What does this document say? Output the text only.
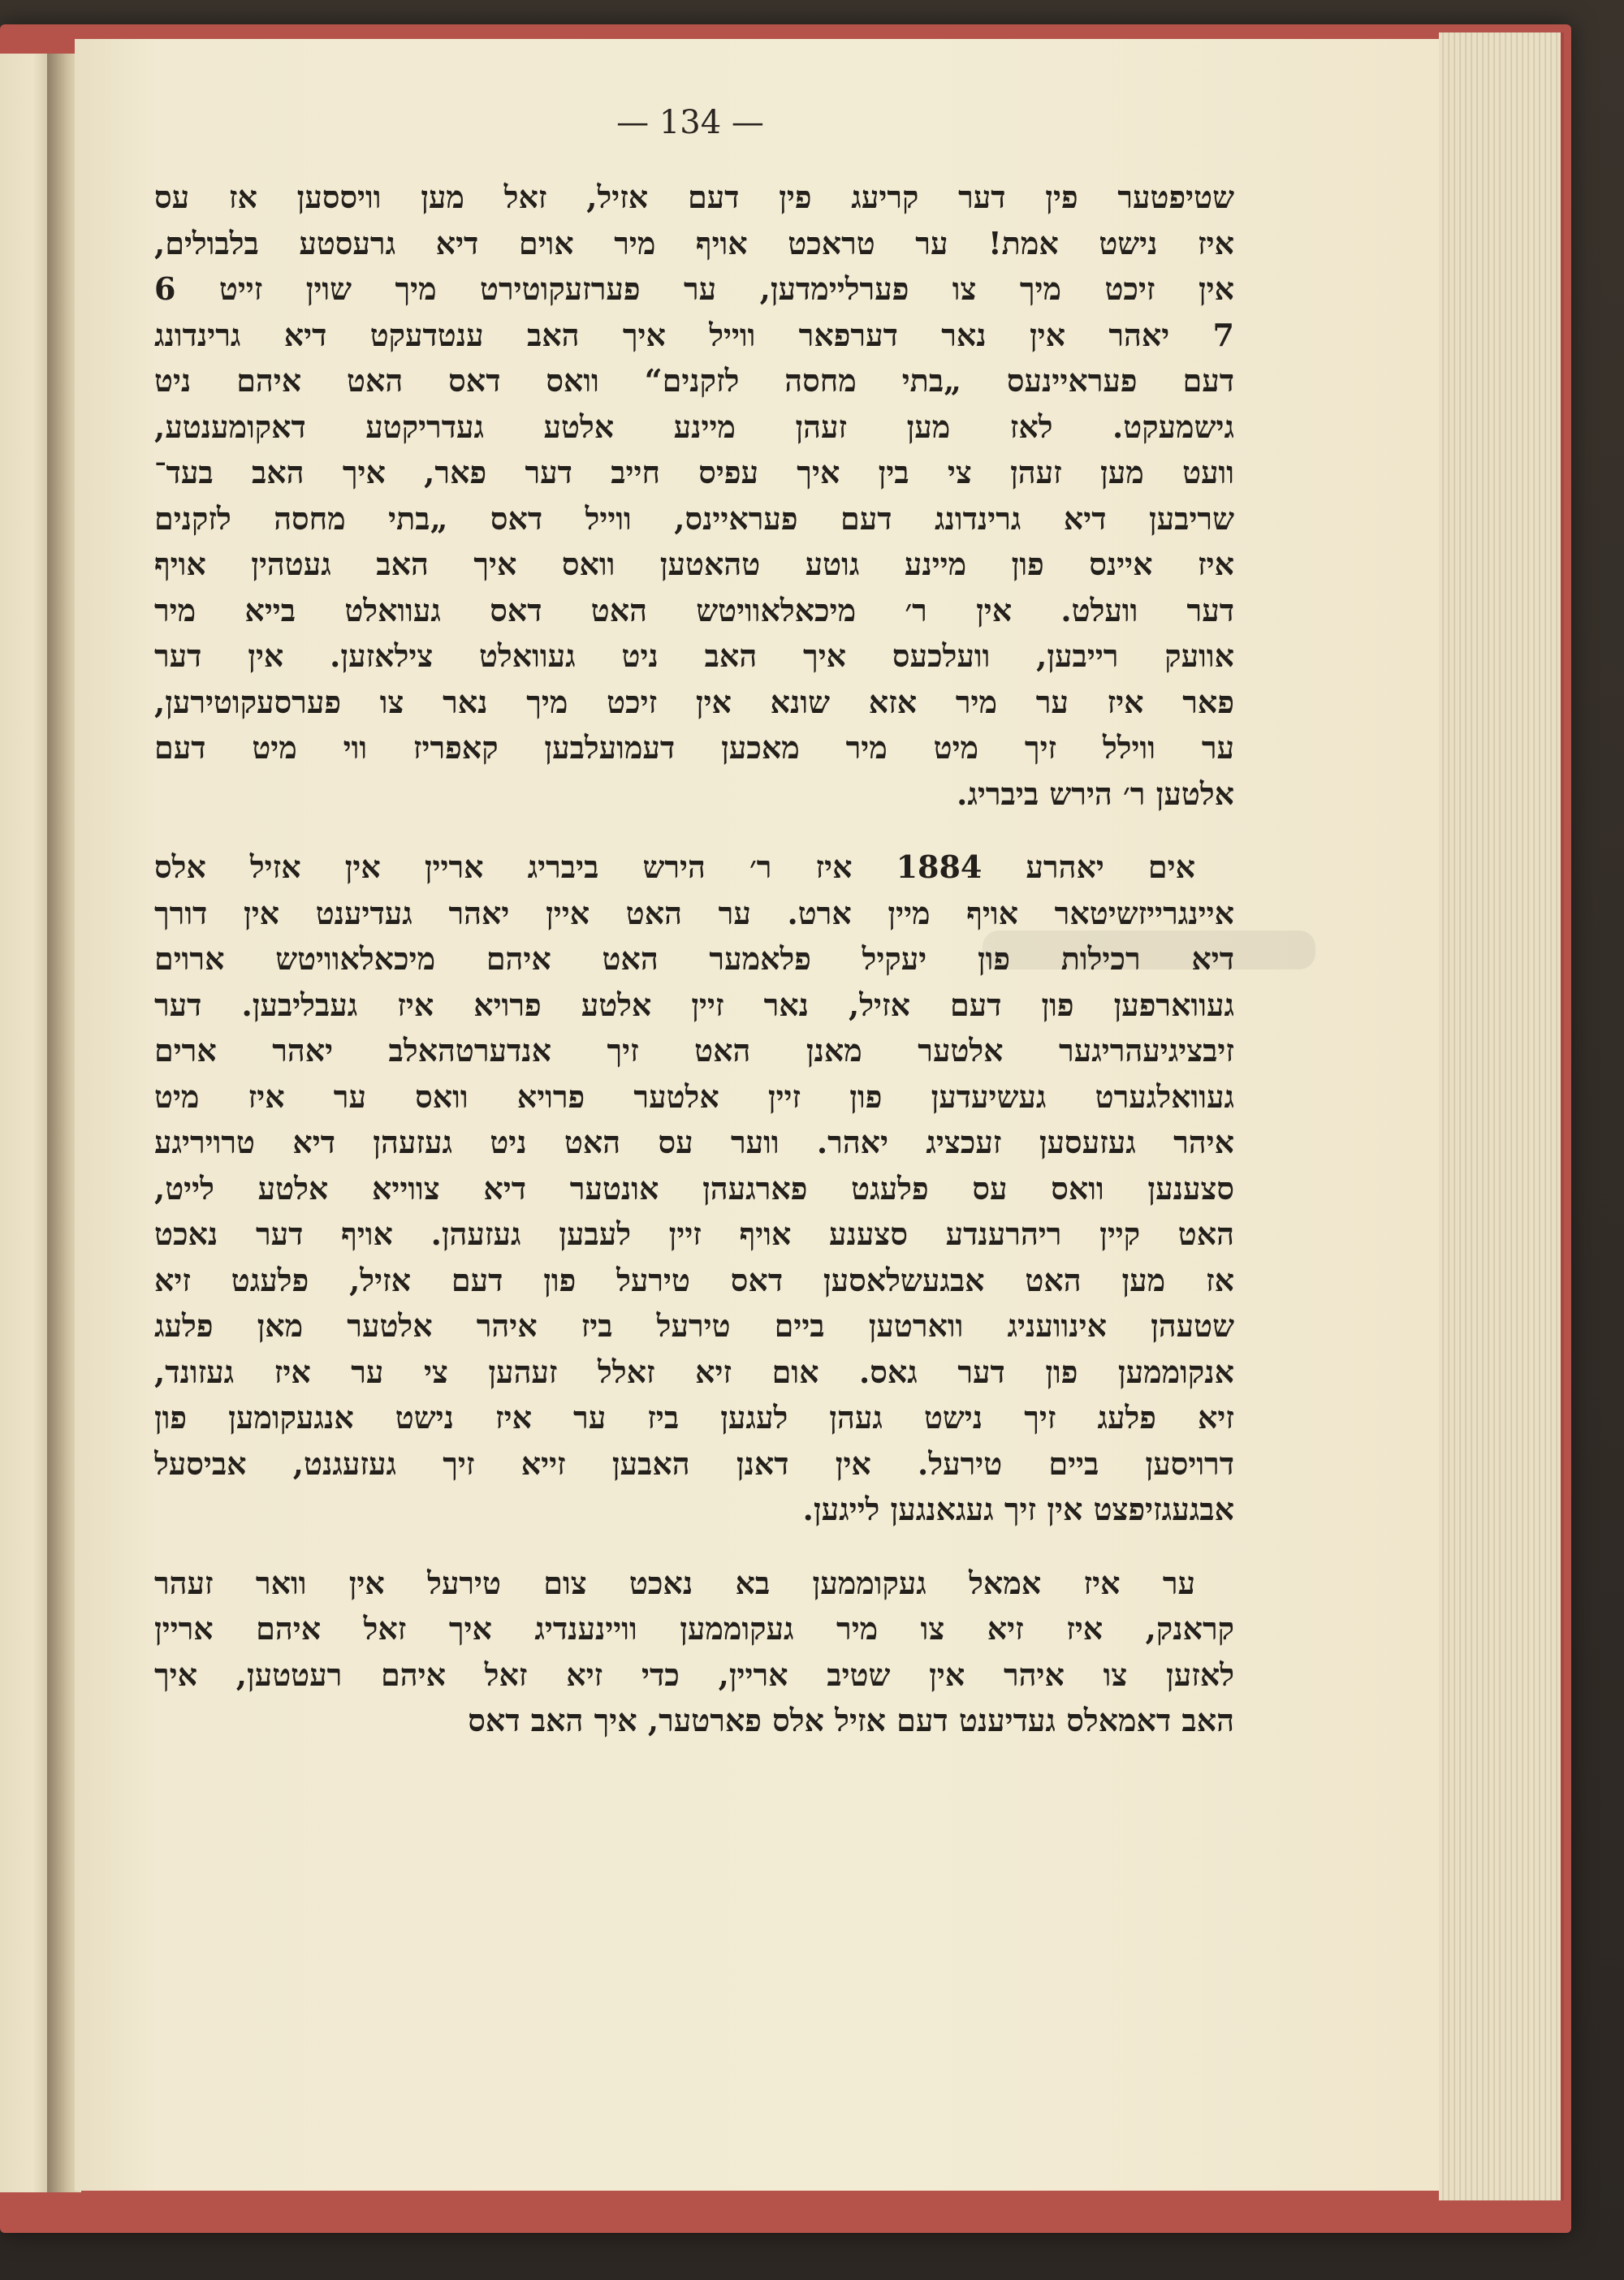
— 134 —
שטיפטער פין דער קריעג פין דעם אזיל, זאל מען וויססען אז עס
איז נישט אמת! ער טראכט אויף מיר אוים דיא גרעסטע בלבולים,
אין זיכט מיך צו פערליימדען, ער פערזעקוטירט מיך שוין זייט 6
7 יאהר אין נאר דערפאר ווייל איך האב ענטדעקט דיא גרינדונג
דעם פעראיינעס „בתי מחסה לזקנים“ וואס דאס האט איהם ניט
גישמעקט. לאז מען זעהן מיינע אלטע געדריקטע דאקומענטע,
וועט מען זעהן צי בין איך עפיס חייב דער פאר, איך האב בעד־
שריבען דיא גרינדונג דעם פעראיינס, ווייל דאס „בתי מחסה לזקנים
איז איינס פון מיינע גוטע טהאטען וואס איך האב געטהין אויף
דער וועלט. אין ר׳ מיכאלאוויטש האט דאס געוואלט בייא מיר
אוועק רייבען, וועלכעס איך האב ניט געוואלט צילאזען. אין דער
פאר איז ער מיר אזא שונא אין זיכט מיך נאר צו פערסעקוטירען,
ער ווילל זיך מיט מיר מאכען דעמועלבען קאפריז ווי מיט דעם
אלטען ר׳ הירש ביבריג.
אים יאהרע 1884 איז ר׳ הירש ביבריג אריין אין אזיל אלס
איינגרייזשיטאר אויף מיין ארט. ער האט איין יאהר געדיענט אין דורך
דיא רכילות פון יעקיל פלאמער האט איהם מיכאלאוויטש ארוים
געווארפען פון דעם אזיל, נאר זיין אלטע פרויא איז געבליבען. דער
זיבציגיעהריגער אלטער מאנן האט זיך אנדערטהאלב יאהר ארים
געוואלגערט געשיעדען פון זיין אלטער פרויא וואס ער איז מיט
איהר געזעסען זעכציג יאהר. ווער עס האט ניט געזעהן דיא טרויריגע
סצענען וואס עס פלעגט פארגעהן אונטער דיא צווייא אלטע לייט,
האט קיין ריהרענדע סצענע אויף זיין לעבען געזעהן. אויף דער נאכט
אז מען האט אבגעשלאסען דאס טירעל פון דעם אזיל, פלעגט זיא
שטעהן אינוועניג ווארטען ביים טירעל ביז איהר אלטער מאן פלעג
אנקוממען פון דער גאס. אום זיא זאלל זעהען צי ער איז געזונד,
זיא פלעג זיך נישט געהן לעגען ביז ער איז נישט אנגעקומען פון
דרויסען ביים טירעל. אין דאנן האבען זייא זיך געזעגנט, אביסעל
אבגעגזיפצט אין זיך געגאנגען לייגען.
ער איז אמאל געקוממען בא נאכט צום טירעל אין וואר זעהר
קראנק, איז זיא צו מיר געקוממען וויינענדיג איך זאל איהם אריין
לאזען צו איהר אין שטיב אריין, כדי זיא זאל איהם רעטטען, איך
האב דאמאלס געדיענט דעם אזיל אלס פארטער, איך האב דאס
